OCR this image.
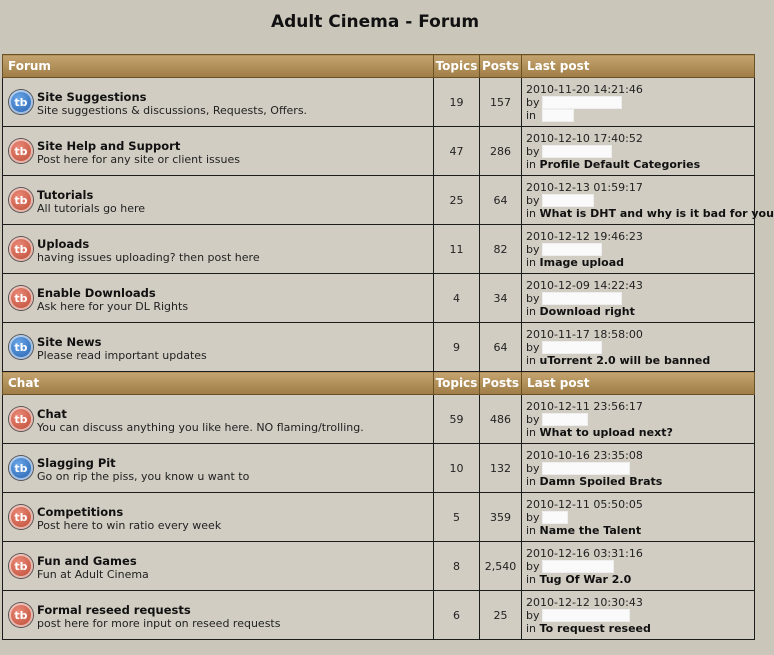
Adult Cinema - Forum
Forum	Topics	Posts	Last post

tb Site Suggestions
Site suggestions & discussions, Requests, Offers.	19	157	2010-11-20 14:21:46
by
in

tb Site Help and Support
Post here for any site or client issues	47	286	2010-12-10 17:40:52
by
in Profile Default Categories

tb Tutorials
All tutorials go here	25	64	2010-12-13 01:59:17
by
in What is DHT and why is it bad for you

tb Uploads
having issues uploading? then post here	11	82	2010-12-12 19:46:23
by
in Image upload

tb Enable Downloads
Ask here for your DL Rights	4	34	2010-12-09 14:22:43
by
in Download right

tb Site News
Please read important updates	9	64	2010-11-17 18:58:00
by
in uTorrent 2.0 will be banned

Chat	Topics	Posts	Last post

tb Chat
You can discuss anything you like here. NO flaming/trolling.	59	486	2010-12-11 23:56:17
by
in What to upload next?

tb Slagging Pit
Go on rip the piss, you know u want to	10	132	2010-10-16 23:35:08
by
in Damn Spoiled Brats

tb Competitions
Post here to win ratio every week	5	359	2010-12-11 05:50:05
by
in Name the Talent

tb Fun and Games
Fun at Adult Cinema	8	2,540	2010-12-16 03:31:16
by
in Tug Of War 2.0

tb Formal reseed requests
post here for more input on reseed requests	6	25	2010-12-12 10:30:43
by
in To request reseed
